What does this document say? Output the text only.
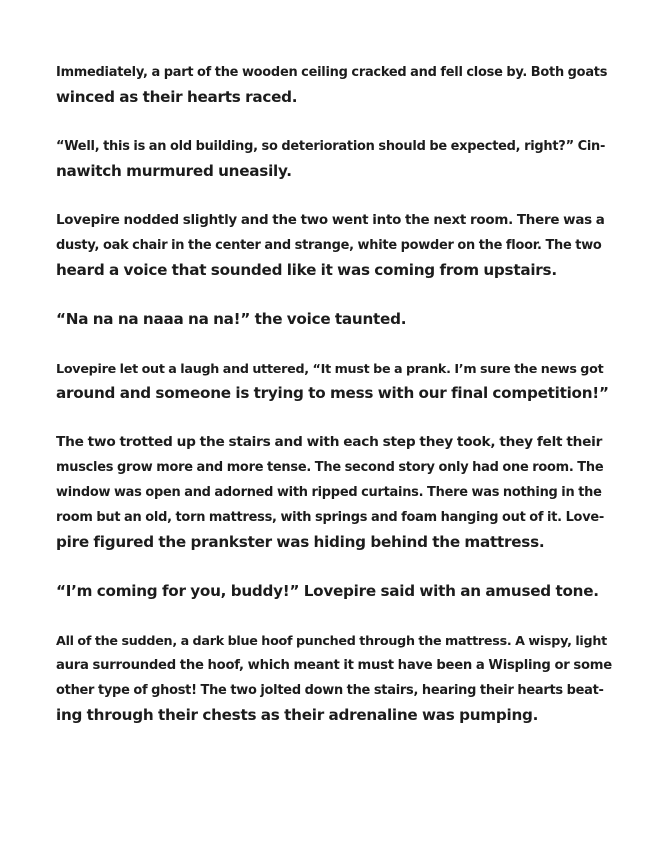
Immediately, a part of the wooden ceiling cracked and fell close by. Both goats
winced as their hearts raced.

“Well, this is an old building, so deterioration should be expected, right?” Cin-
nawitch murmured uneasily.

Lovepire nodded slightly and the two went into the next room. There was a
dusty, oak chair in the center and strange, white powder on the floor. The two
heard a voice that sounded like it was coming from upstairs.

“Na na na naaa na na!” the voice taunted.

Lovepire let out a laugh and uttered, “It must be a prank. I’m sure the news got
around and someone is trying to mess with our final competition!”

The two trotted up the stairs and with each step they took, they felt their
muscles grow more and more tense. The second story only had one room. The
window was open and adorned with ripped curtains. There was nothing in the
room but an old, torn mattress, with springs and foam hanging out of it. Love-
pire figured the prankster was hiding behind the mattress.

“I’m coming for you, buddy!” Lovepire said with an amused tone.

All of the sudden, a dark blue hoof punched through the mattress. A wispy, light
aura surrounded the hoof, which meant it must have been a Wispling or some
other type of ghost! The two jolted down the stairs, hearing their hearts beat-
ing through their chests as their adrenaline was pumping.
